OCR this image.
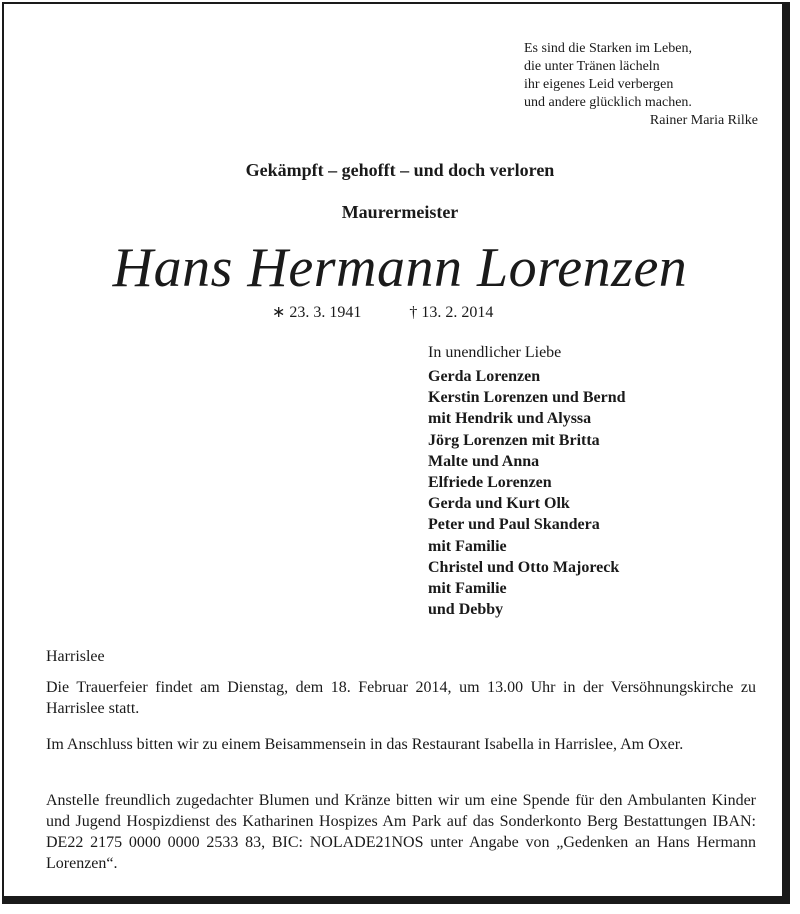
Es sind die Starken im Leben,
die unter Tränen lächeln
ihr eigenes Leid verbergen
und andere glücklich machen.
Rainer Maria Rilke
Gekämpft – gehofft – und doch verloren
Maurermeister
Hans Hermann Lorenzen
∗ 23. 3. 1941	† 13. 2. 2014
In unendlicher Liebe
Gerda Lorenzen
Kerstin Lorenzen und Bernd
mit Hendrik und Alyssa
Jörg Lorenzen mit Britta
Malte und Anna
Elfriede Lorenzen
Gerda und Kurt Olk
Peter und Paul Skandera
mit Familie
Christel und Otto Majoreck
mit Familie
und Debby
Harrislee
Die Trauerfeier findet am Dienstag, dem 18. Februar 2014, um 13.00 Uhr in der Versöhnungskirche zu Harrislee statt.
Im Anschluss bitten wir zu einem Beisammensein in das Restaurant Isabella in Harrislee, Am Oxer.
Anstelle freundlich zugedachter Blumen und Kränze bitten wir um eine Spende für den Ambulanten Kinder und Jugend Hospizdienst des Katharinen Hospizes Am Park auf das Sonderkonto Berg Bestattungen IBAN: DE22 2175 0000 0000 2533 83, BIC: NOLADE21NOS unter Angabe von „Gedenken an Hans Hermann Lorenzen“.
